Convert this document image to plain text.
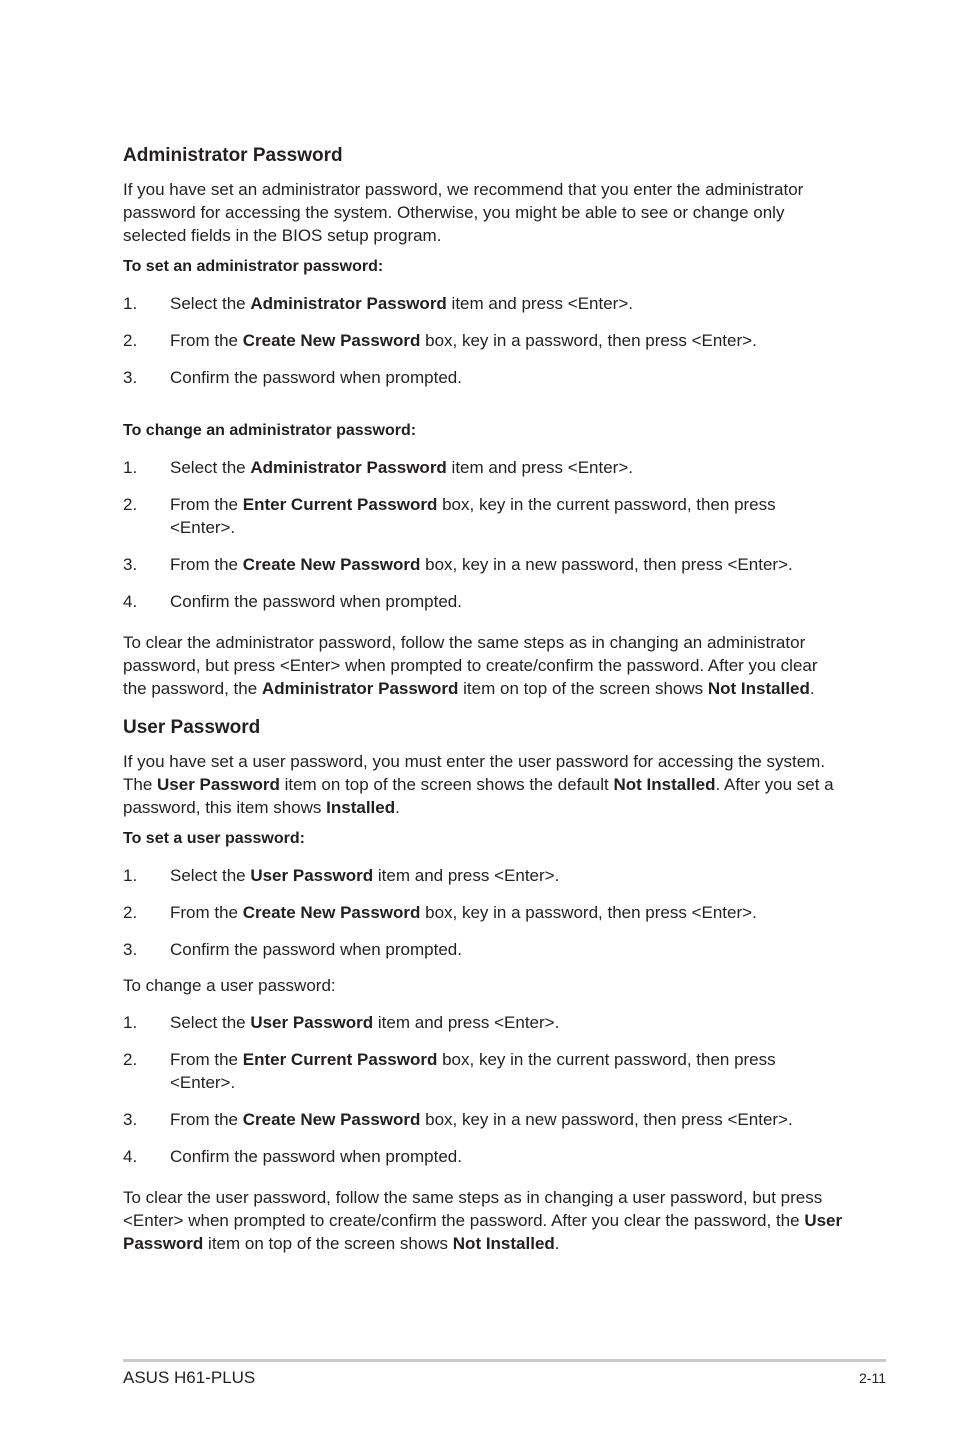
Administrator Password

If you have set an administrator password, we recommend that you enter the administrator password for accessing the system. Otherwise, you might be able to see or change only selected fields in the BIOS setup program.

To set an administrator password:

1. Select the Administrator Password item and press <Enter>.
2. From the Create New Password box, key in a password, then press <Enter>.
3. Confirm the password when prompted.

To change an administrator password:

1. Select the Administrator Password item and press <Enter>.
2. From the Enter Current Password box, key in the current password, then press <Enter>.
3. From the Create New Password box, key in a new password, then press <Enter>.
4. Confirm the password when prompted.

To clear the administrator password, follow the same steps as in changing an administrator password, but press <Enter> when prompted to create/confirm the password. After you clear the password, the Administrator Password item on top of the screen shows Not Installed.

User Password

If you have set a user password, you must enter the user password for accessing the system. The User Password item on top of the screen shows the default Not Installed. After you set a password, this item shows Installed.

To set a user password:

1. Select the User Password item and press <Enter>.
2. From the Create New Password box, key in a password, then press <Enter>.
3. Confirm the password when prompted.

To change a user password:

1. Select the User Password item and press <Enter>.
2. From the Enter Current Password box, key in the current password, then press <Enter>.
3. From the Create New Password box, key in a new password, then press <Enter>.
4. Confirm the password when prompted.

To clear the user password, follow the same steps as in changing a user password, but press <Enter> when prompted to create/confirm the password. After you clear the password, the User Password item on top of the screen shows Not Installed.

ASUS H61-PLUS	2-11
